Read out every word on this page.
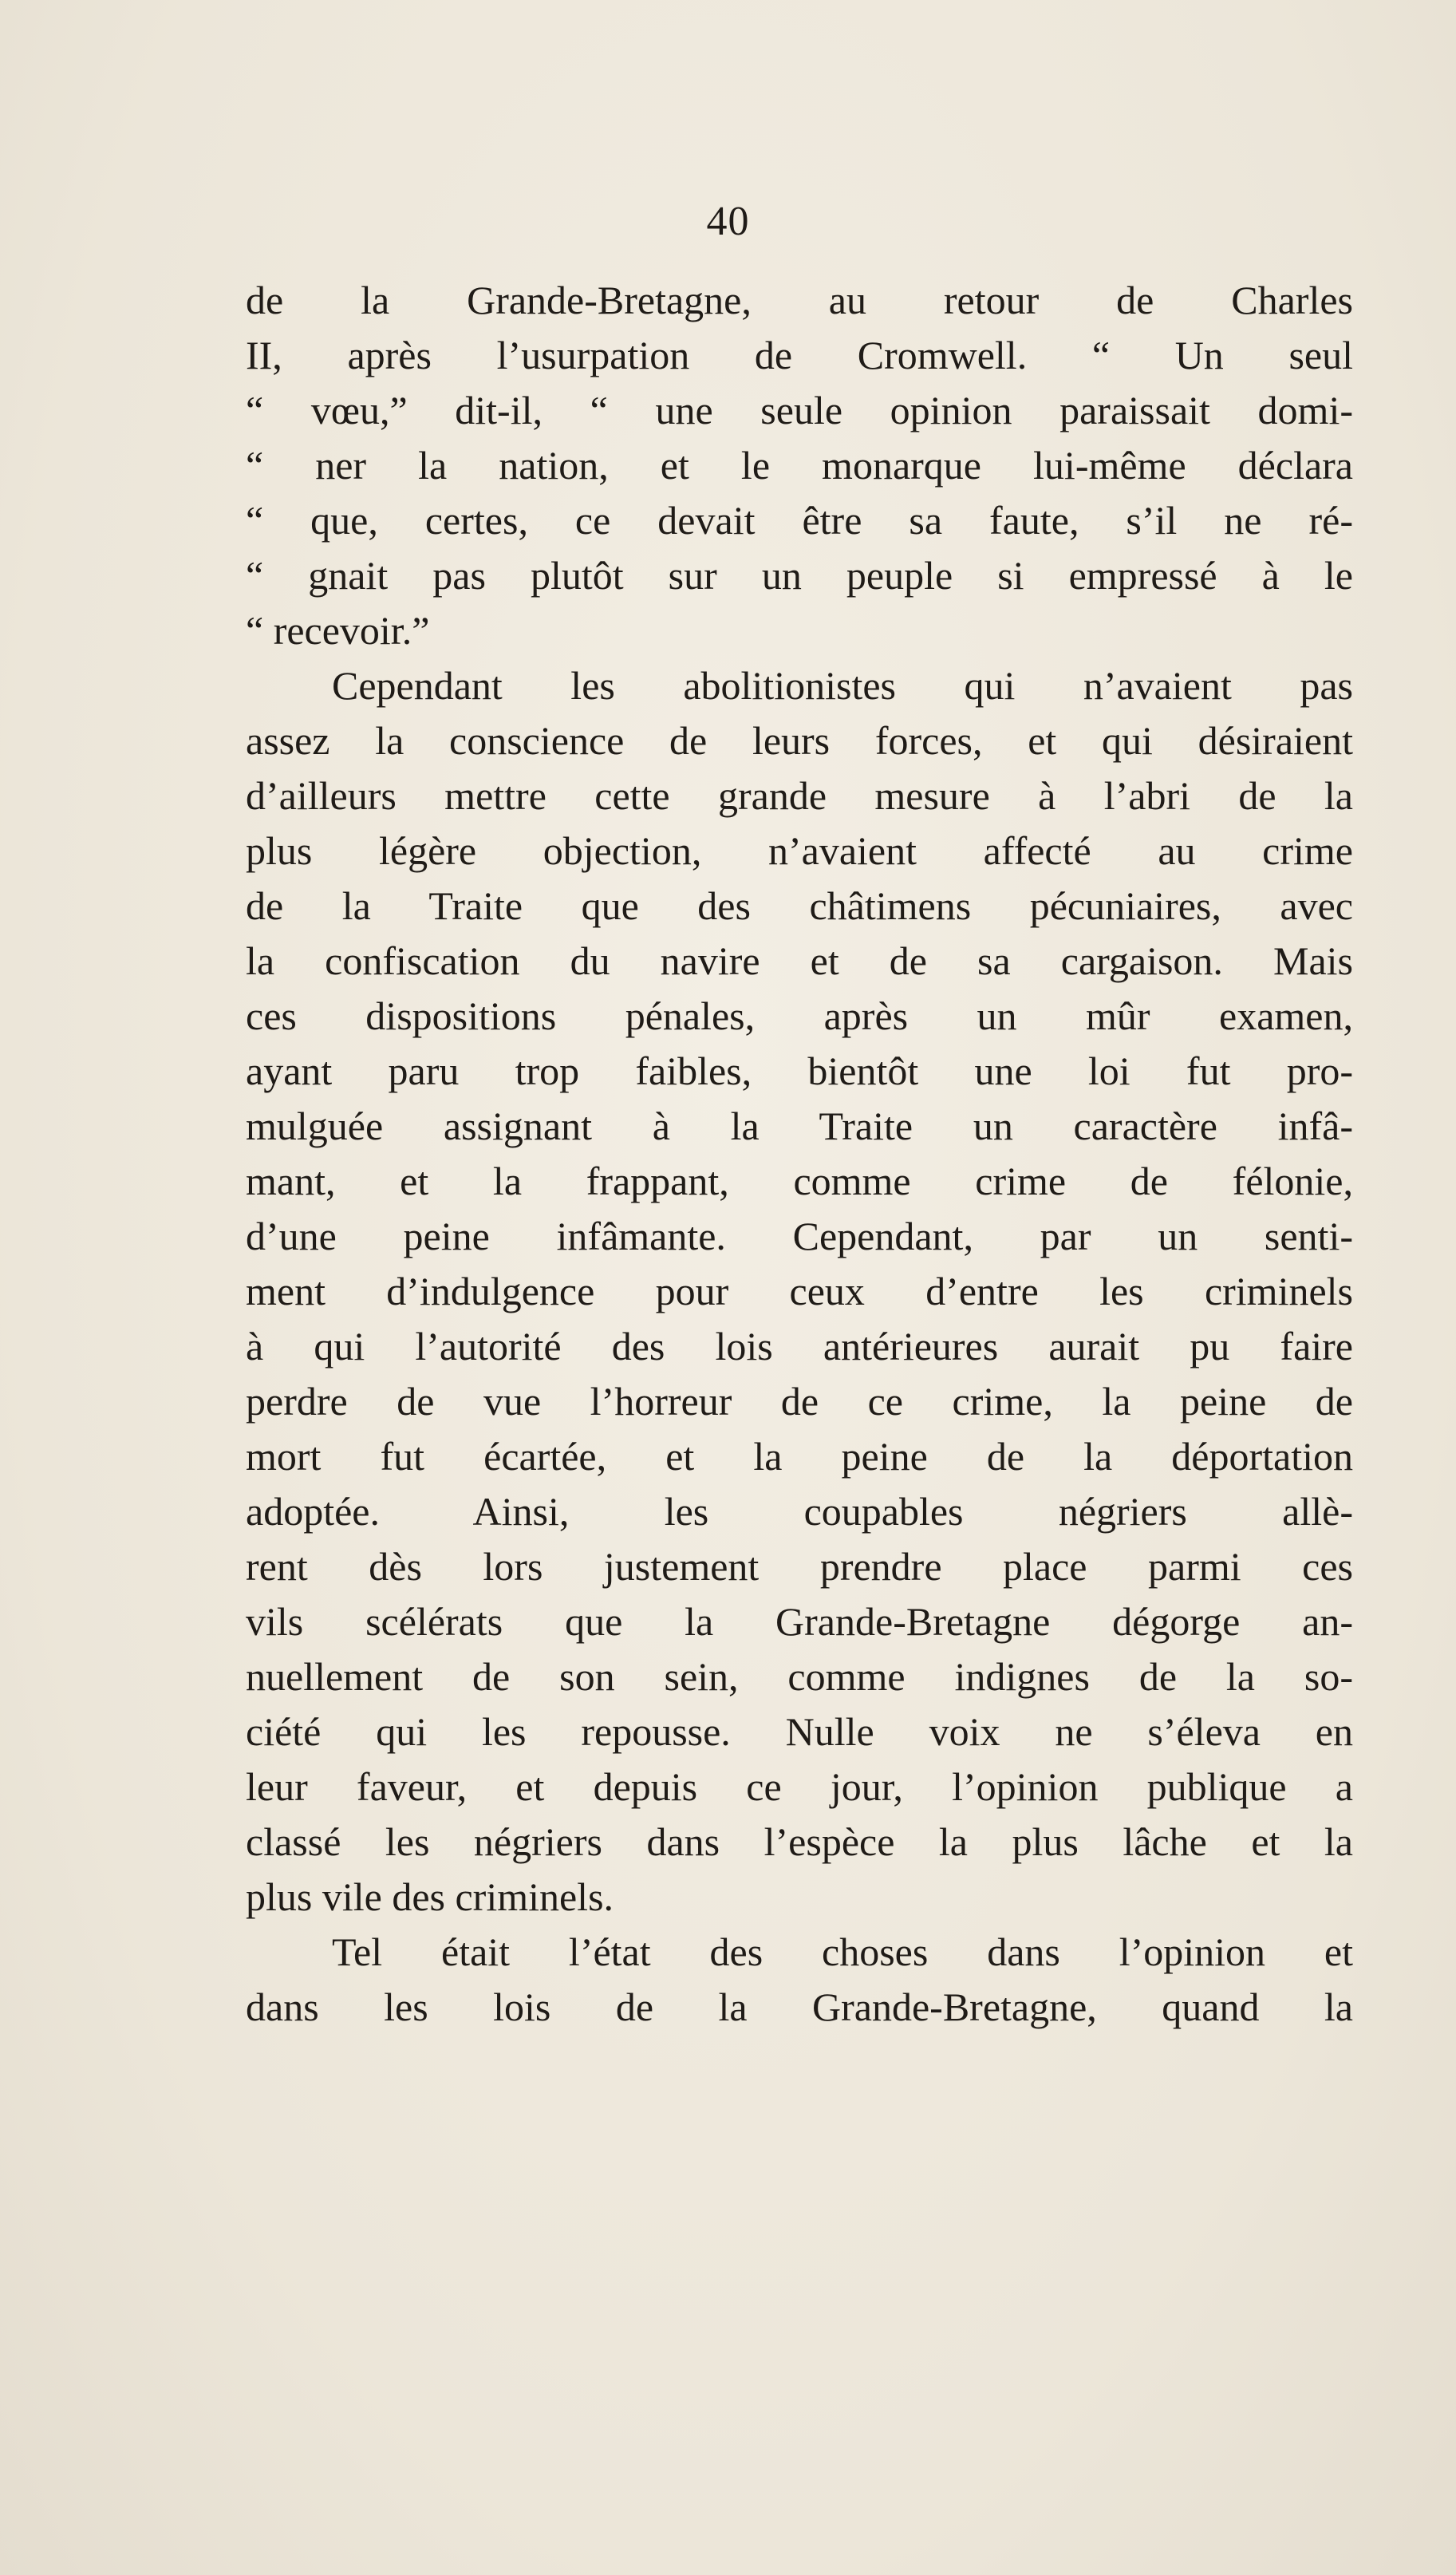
40
de la Grande-Bretagne, au retour de Charles
II, après l’usurpation de Cromwell. “ Un seul
“ vœu,” dit-il, “ une seule opinion paraissait domi-
“ ner la nation, et le monarque lui-même déclara
“ que, certes, ce devait être sa faute, s’il ne ré-
“ gnait pas plutôt sur un peuple si empressé à le
“ recevoir.”
Cependant les abolitionistes qui n’avaient pas
assez la conscience de leurs forces, et qui désiraient
d’ailleurs mettre cette grande mesure à l’abri de la
plus légère objection, n’avaient affecté au crime
de la Traite que des châtimens pécuniaires, avec
la confiscation du navire et de sa cargaison. Mais
ces dispositions pénales, après un mûr examen,
ayant paru trop faibles, bientôt une loi fut pro-
mulguée assignant à la Traite un caractère infâ-
mant, et la frappant, comme crime de félonie,
d’une peine infâmante. Cependant, par un senti-
ment d’indulgence pour ceux d’entre les criminels
à qui l’autorité des lois antérieures aurait pu faire
perdre de vue l’horreur de ce crime, la peine de
mort fut écartée, et la peine de la déportation
adoptée. Ainsi, les coupables négriers allè-
rent dès lors justement prendre place parmi ces
vils scélérats que la Grande-Bretagne dégorge an-
nuellement de son sein, comme indignes de la so-
ciété qui les repousse. Nulle voix ne s’éleva en
leur faveur, et depuis ce jour, l’opinion publique a
classé les négriers dans l’espèce la plus lâche et la
plus vile des criminels.
Tel était l’état des choses dans l’opinion et
dans les lois de la Grande-Bretagne, quand la
